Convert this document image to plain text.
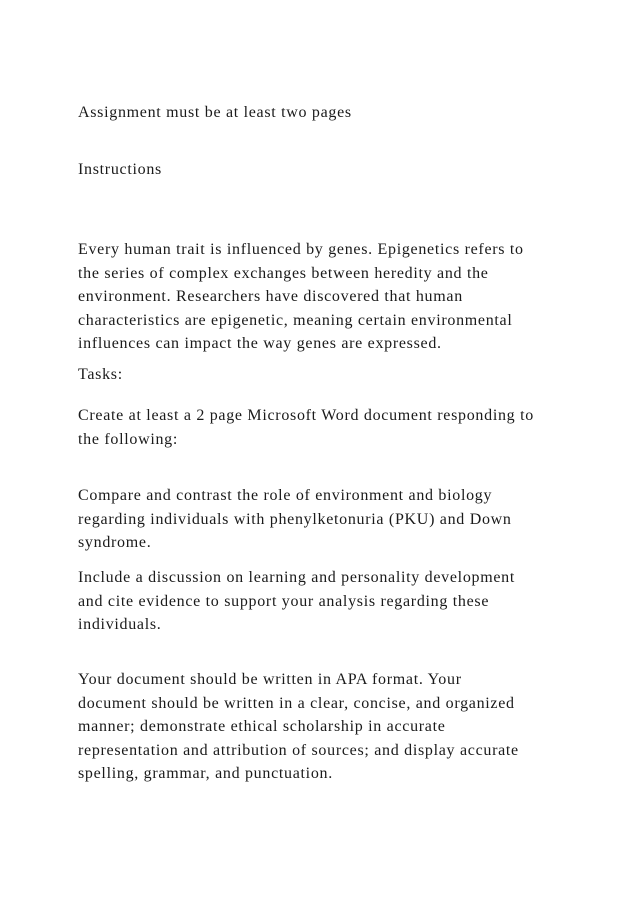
Assignment must be at least two pages
Instructions
Every human trait is influenced by genes. Epigenetics refers to
the series of complex exchanges between heredity and the
environment. Researchers have discovered that human
characteristics are epigenetic, meaning certain environmental
influences can impact the way genes are expressed.
Tasks:
Create at least a 2 page Microsoft Word document responding to
the following:
Compare and contrast the role of environment and biology
regarding individuals with phenylketonuria (PKU) and Down
syndrome.
Include a discussion on learning and personality development
and cite evidence to support your analysis regarding these
individuals.
Your document should be written in APA format. Your
document should be written in a clear, concise, and organized
manner; demonstrate ethical scholarship in accurate
representation and attribution of sources; and display accurate
spelling, grammar, and punctuation.
